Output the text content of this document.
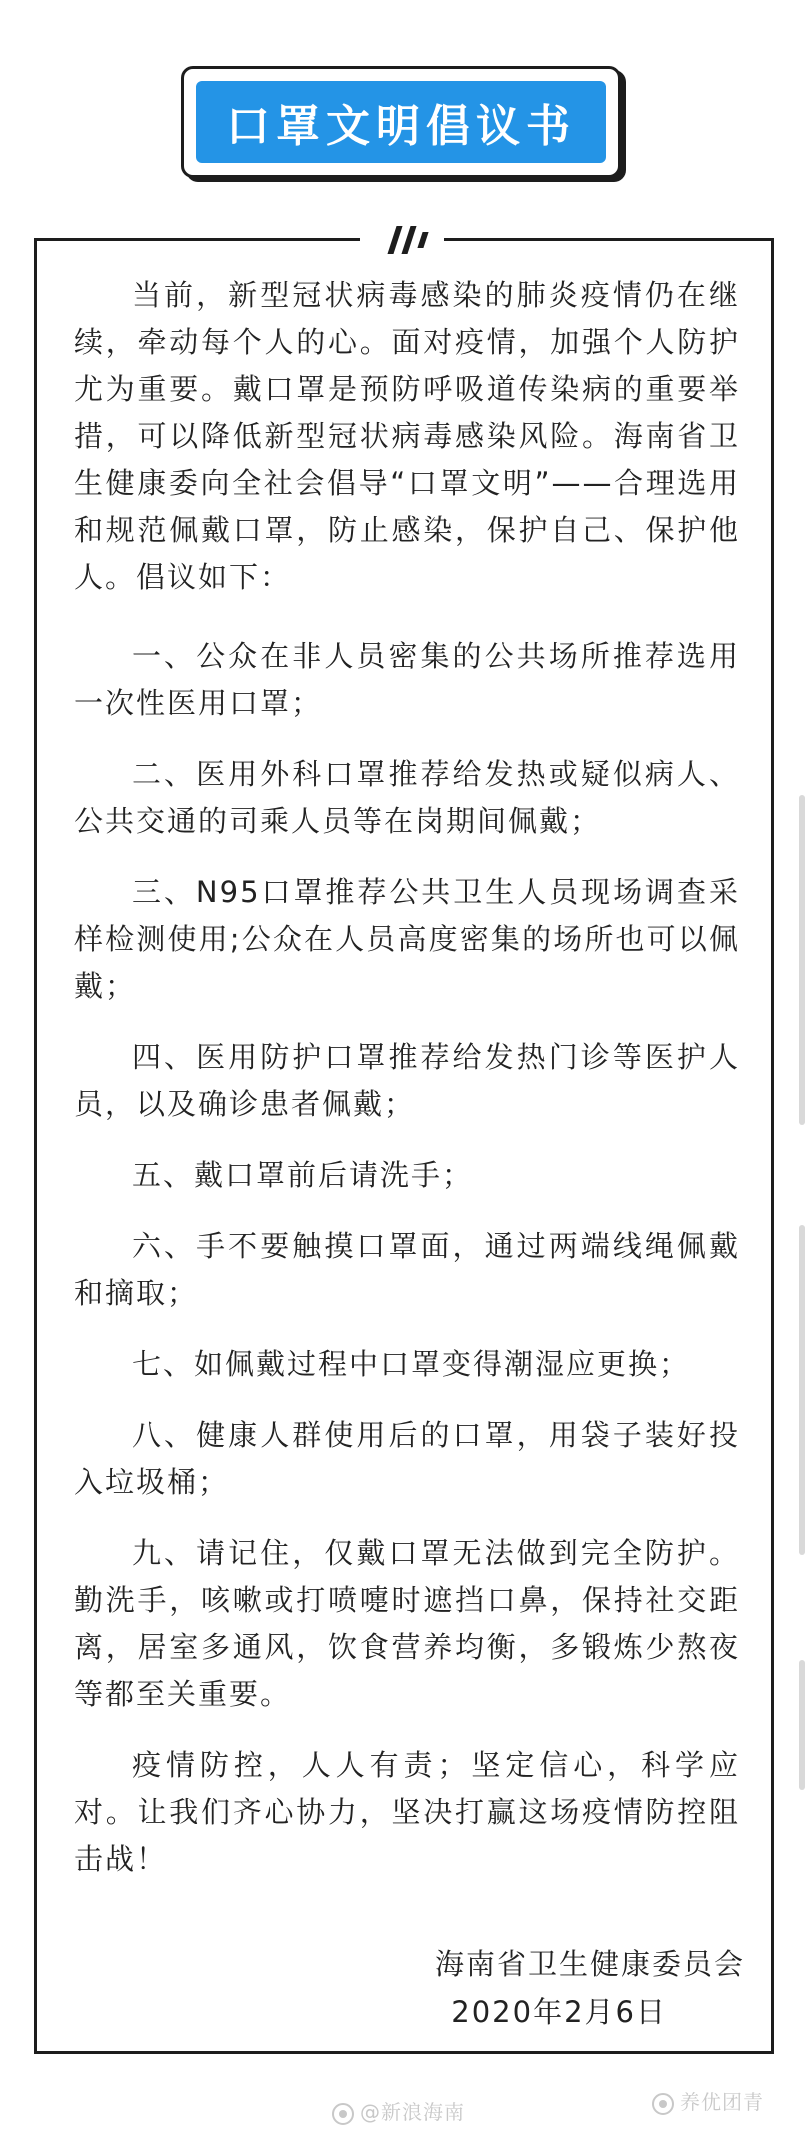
口罩文明倡议书

当前，新型冠状病毒感染的肺炎疫情仍在继续，牵动每个人的心。面对疫情，加强个人防护尤为重要。戴口罩是预防呼吸道传染病的重要举措，可以降低新型冠状病毒感染风险。海南省卫生健康委向全社会倡导“口罩文明”——合理选用和规范佩戴口罩，防止感染，保护自己、保护他人。倡议如下：

一、公众在非人员密集的公共场所推荐选用一次性医用口罩；

二、医用外科口罩推荐给发热或疑似病人、公共交通的司乘人员等在岗期间佩戴；

三、N95口罩推荐公共卫生人员现场调查采样检测使用;公众在人员高度密集的场所也可以佩戴；

四、医用防护口罩推荐给发热门诊等医护人员，以及确诊患者佩戴；

五、戴口罩前后请洗手；

六、手不要触摸口罩面，通过两端线绳佩戴和摘取；

七、如佩戴过程中口罩变得潮湿应更换；

八、健康人群使用后的口罩，用袋子装好投入垃圾桶；

九、请记住，仅戴口罩无法做到完全防护。勤洗手，咳嗽或打喷嚏时遮挡口鼻，保持社交距离，居室多通风，饮食营养均衡，多锻炼少熬夜等都至关重要。

疫情防控，人人有责；坚定信心，科学应对。让我们齐心协力，坚决打赢这场疫情防控阻击战！

海南省卫生健康委员会
2020年2月6日
@新浪海南	养优团青
